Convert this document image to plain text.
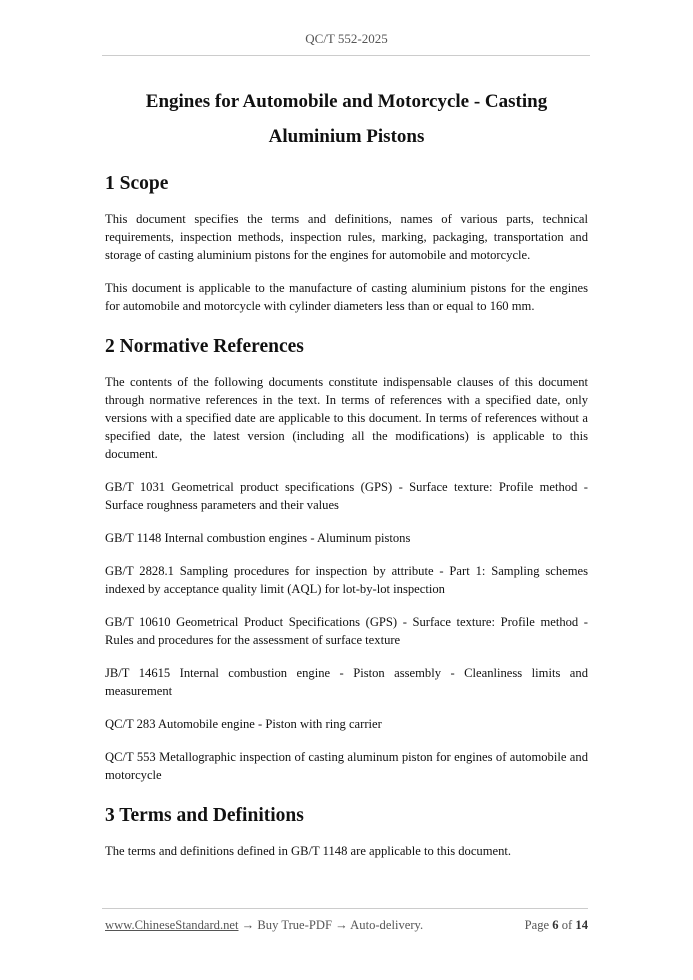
QC/T 552-2025
Engines for Automobile and Motorcycle - Casting
Aluminium Pistons
1 Scope

This document specifies the terms and definitions, names of various parts, technical requirements, inspection methods, inspection rules, marking, packaging, transportation and storage of casting aluminium pistons for the engines for automobile and motorcycle.

This document is applicable to the manufacture of casting aluminium pistons for the engines for automobile and motorcycle with cylinder diameters less than or equal to 160 mm.

2 Normative References

The contents of the following documents constitute indispensable clauses of this document through normative references in the text. In terms of references with a specified date, only versions with a specified date are applicable to this document. In terms of references without a specified date, the latest version (including all the modifications) is applicable to this document.

GB/T 1031 Geometrical product specifications (GPS) - Surface texture: Profile method - Surface roughness parameters and their values

GB/T 1148 Internal combustion engines - Aluminum pistons

GB/T 2828.1 Sampling procedures for inspection by attribute - Part 1: Sampling schemes indexed by acceptance quality limit (AQL) for lot-by-lot inspection

GB/T 10610 Geometrical Product Specifications (GPS) - Surface texture: Profile method - Rules and procedures for the assessment of surface texture

JB/T 14615 Internal combustion engine - Piston assembly - Cleanliness limits and measurement

QC/T 283 Automobile engine - Piston with ring carrier

QC/T 553 Metallographic inspection of casting aluminum piston for engines of automobile and motorcycle

3 Terms and Definitions

The terms and definitions defined in GB/T 1148 are applicable to this document.

www.ChineseStandard.net → Buy True-PDF → Auto-delivery.	Page 6 of 14
